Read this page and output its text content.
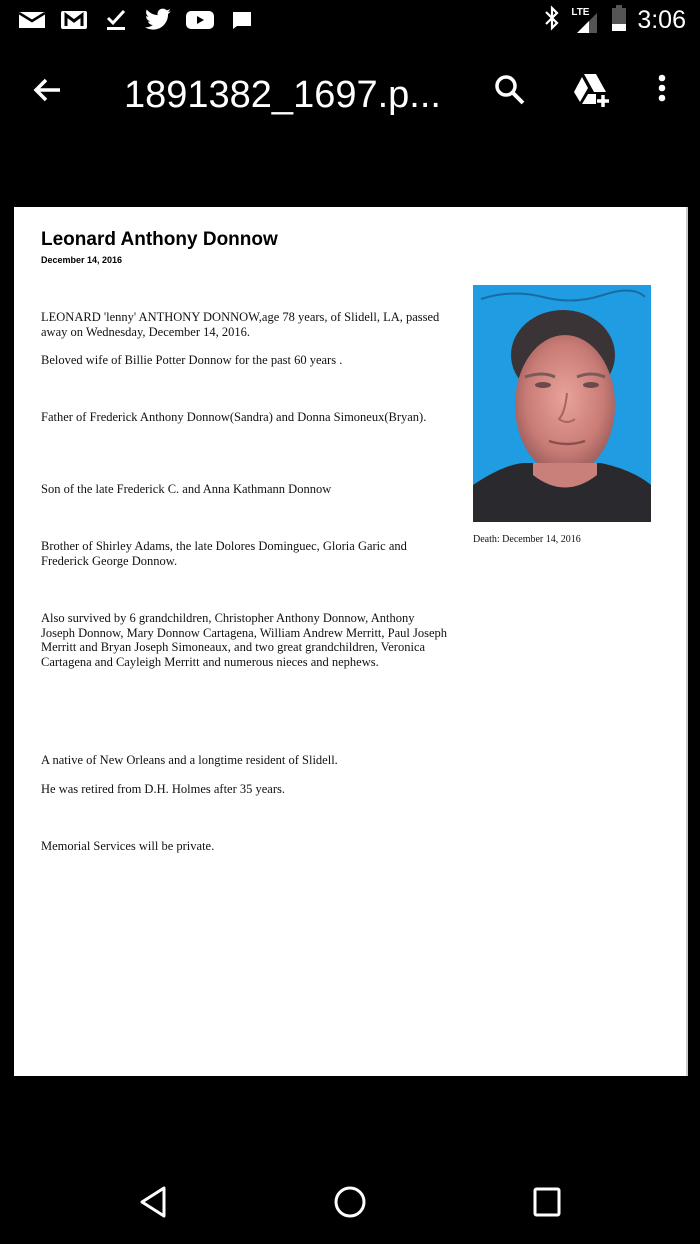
LTE 3:06
1891382_1697.p...
Leonard Anthony Donnow
December 14, 2016
LEONARD 'lenny' ANTHONY DONNOW,age 78 years, of Slidell, LA, passed away on Wednesday, December 14, 2016.
Beloved wife of Billie Potter Donnow for the past 60 years .
Father of Frederick Anthony Donnow(Sandra) and Donna Simoneux(Bryan).
Son of the late Frederick C. and Anna Kathmann Donnow
Brother of Shirley Adams, the late Dolores Dominguec, Gloria Garic and Frederick George Donnow.
Also survived by 6 grandchildren, Christopher Anthony Donnow, Anthony Joseph Donnow, Mary Donnow Cartagena, William Andrew Merritt, Paul Joseph Merritt and Bryan Joseph Simoneaux, and two great grandchildren, Veronica Cartagena and Cayleigh Merritt and numerous nieces and nephews.
A native of New Orleans and a longtime resident of Slidell.
He was retired from D.H. Holmes after 35 years.
Memorial Services will be private.
Death: December 14, 2016
